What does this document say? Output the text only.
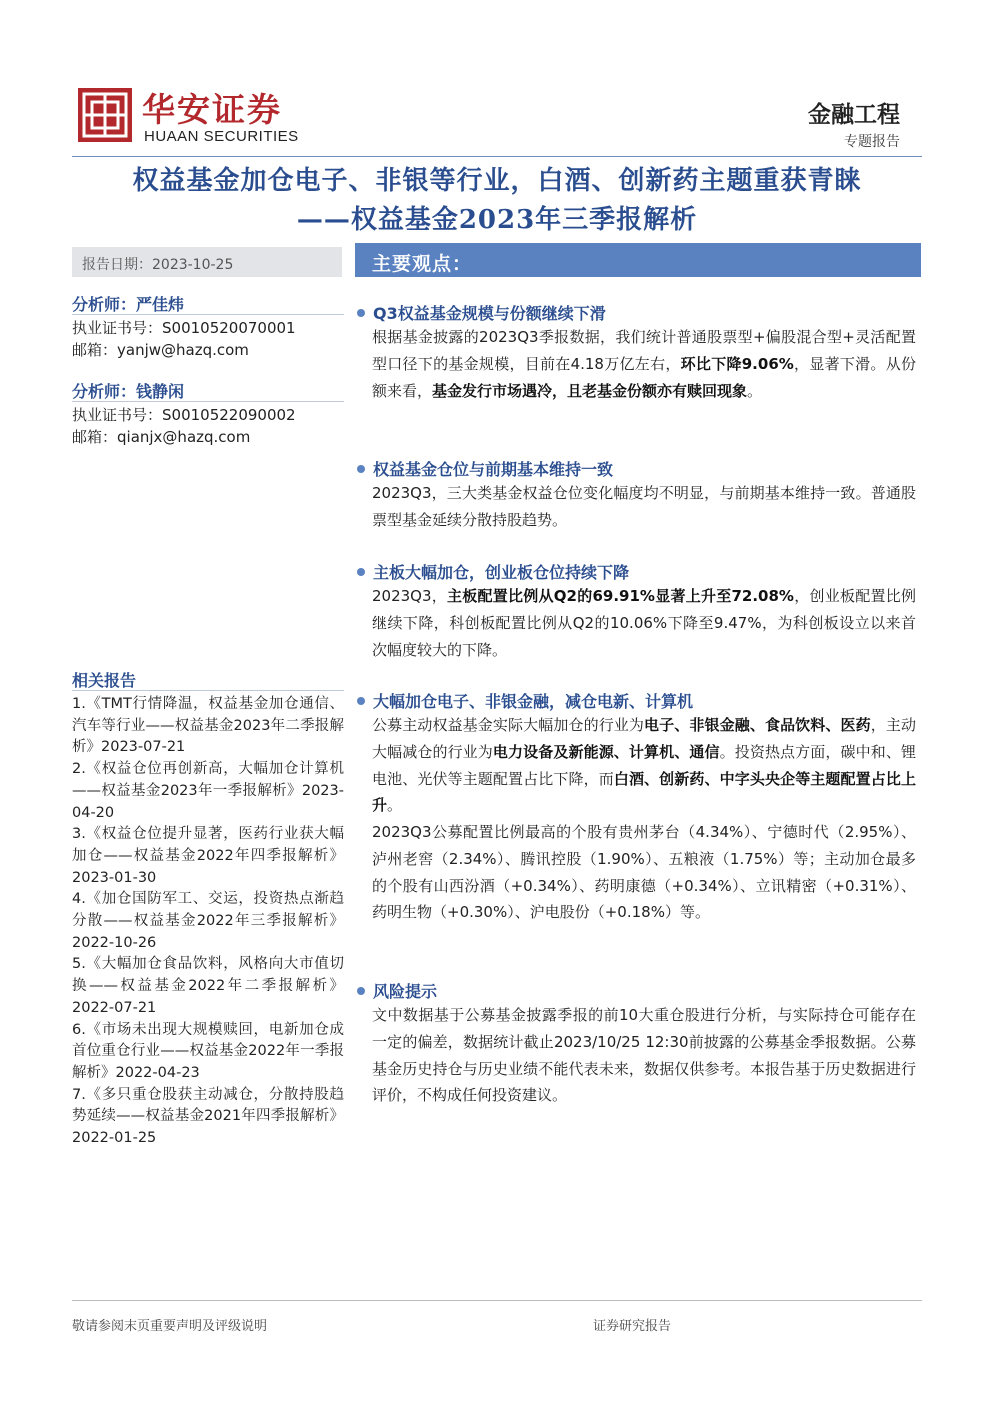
华安证券
HUAAN SECURITIES
金融工程
专题报告
权益基金加仓电子、非银等行业，白酒、创新药主题重获青睐
——权益基金2023年三季报解析
报告日期：2023-10-25
分析师：严佳炜
执业证书号：S0010520070001
邮箱：yanjw@hazq.com
分析师：钱静闲
执业证书号：S0010522090002
邮箱：qianjx@hazq.com
相关报告

1.《TMT行情降温，权益基金加仓通信、汽车等行业——权益基金2023年二季报解析》2023-07-21

2.《权益仓位再创新高，大幅加仓计算机——权益基金2023年一季报解析》2023-04-20

3.《权益仓位提升显著，医药行业获大幅加仓——权益基金2022年四季报解析》2023-01-30

4.《加仓国防军工、交运，投资热点渐趋分散——权益基金2022年三季报解析》2022-10-26

5.《大幅加仓食品饮料，风格向大市值切换——权益基金2022年二季报解析》2022-07-21

6.《市场未出现大规模赎回，电新加仓成首位重仓行业——权益基金2022年一季报解析》2022-04-23

7.《多只重仓股获主动减仓，分散持股趋势延续——权益基金2021年四季报解析》2022-01-25

主要观点：
Q3权益基金规模与份额继续下滑
根据基金披露的2023Q3季报数据，我们统计普通股票型+偏股混合型+灵活配置型口径下的基金规模，目前在4.18万亿左右，环比下降9.06%，显著下滑。从份额来看，基金发行市场遇冷，且老基金份额亦有赎回现象。
权益基金仓位与前期基本维持一致
2023Q3，三大类基金权益仓位变化幅度均不明显，与前期基本维持一致。普通股票型基金延续分散持股趋势。
主板大幅加仓，创业板仓位持续下降
2023Q3，主板配置比例从Q2的69.91%显著上升至72.08%，创业板配置比例继续下降，科创板配置比例从Q2的10.06%下降至9.47%，为科创板设立以来首次幅度较大的下降。
大幅加仓电子、非银金融，减仓电新、计算机
公募主动权益基金实际大幅加仓的行业为电子、非银金融、食品饮料、医药，主动大幅减仓的行业为电力设备及新能源、计算机、通信。投资热点方面，碳中和、锂电池、光伏等主题配置占比下降，而白酒、创新药、中字头央企等主题配置占比上升。
2023Q3公募配置比例最高的个股有贵州茅台（4.34%）、宁德时代（2.95%）、泸州老窖（2.34%）、腾讯控股（1.90%）、五粮液（1.75%）等；主动加仓最多的个股有山西汾酒（+0.34%）、药明康德（+0.34%）、立讯精密（+0.31%）、药明生物（+0.30%）、沪电股份（+0.18%）等。
风险提示
文中数据基于公募基金披露季报的前10大重仓股进行分析，与实际持仓可能存在一定的偏差，数据统计截止2023/10/25 12:30前披露的公募基金季报数据。公募基金历史持仓与历史业绩不能代表未来，数据仅供参考。本报告基于历史数据进行评价，不构成任何投资建议。
敬请参阅末页重要声明及评级说明	证券研究报告
